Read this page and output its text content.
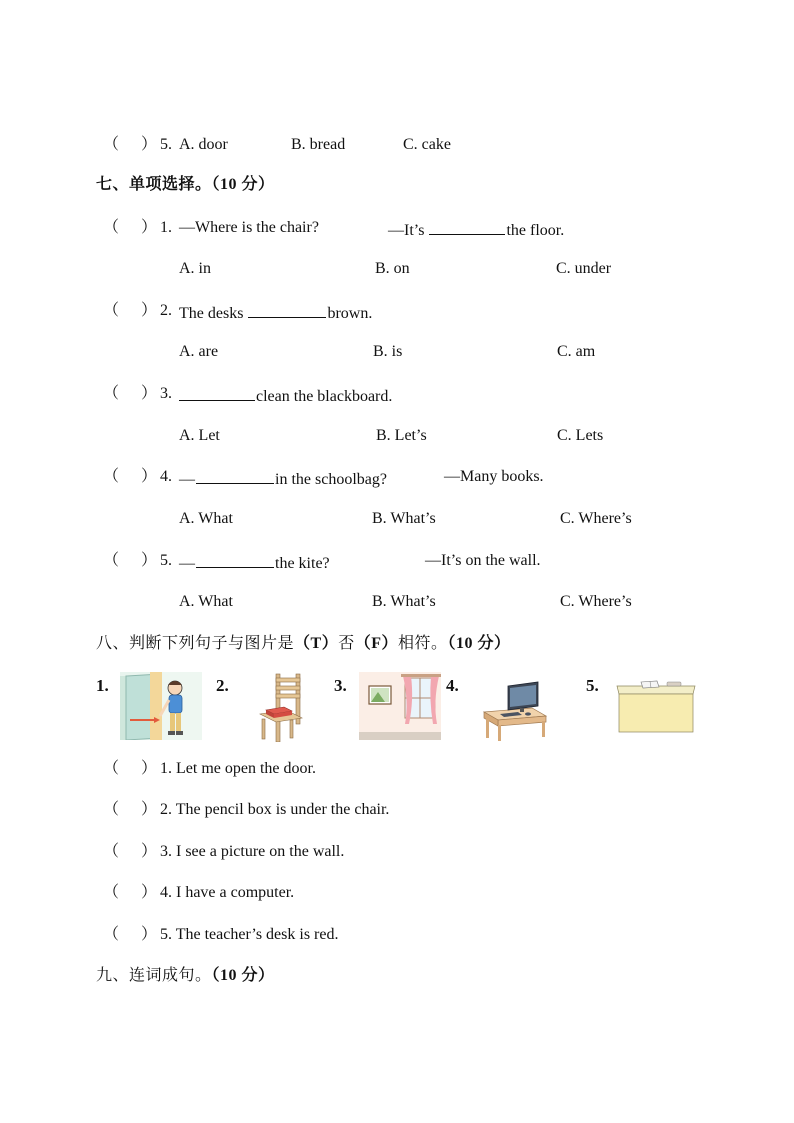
（ ） 5. A. door	B. bread	C. cake
七、单项选择。（10 分）
（ ） 1. —Where is the chair?	—It’s	the floor.
A. in	B. on	C. under
（ ） 2. The desks	brown.
A. are	B. is	C. am
（ ） 3.	clean the blackboard.
A. Let	B. Let’s	C. Lets
（ ） 4. —	in the schoolbag?	—Many books.
A. What	B. What’s	C. Where’s
（ ） 5. —	the kite?	—It’s on the wall.
A. What	B. What’s	C. Where’s
八、判断下列句子与图片是（T）否（F）相符。（10 分）
1.	2.	3.	4.	5.
（ ） 1. Let me open the door.
（ ） 2. The pencil box is under the chair.
（ ） 3. I see a picture on the wall.
（ ） 4. I have a computer.
（ ） 5. The teacher’s desk is red.
九、连词成句。（10 分）
